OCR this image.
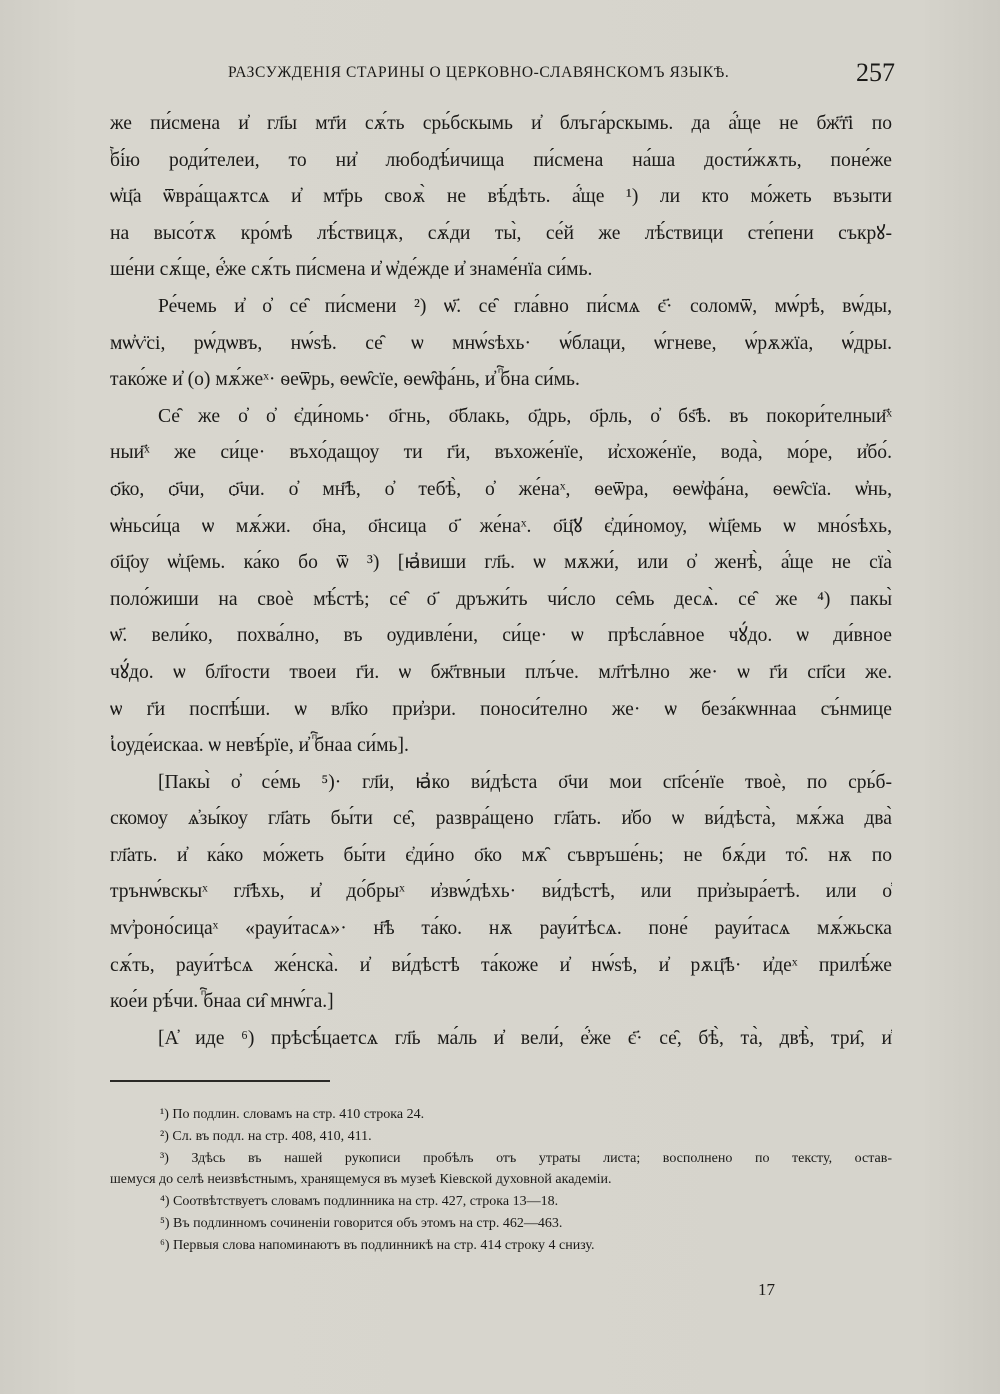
РАЗСУЖДЕНІЯ СТАРИНЫ О ЦЕРКОВНО-СЛАВЯНСКОМЪ ЯЗЫКѢ.	257
же пи́смена и҆ гл҃ы мт҃и сѫ́ть срь́бскымь и҆ блъга́рскымь. да а҆́ще не бж҃т҃і по
ⷫ҇бі́ю роди́телеи, то ни҆ любодѣ́ичища пи́смена на́ша дости́жѫть, поне́же
ѡ҆ц҃а ѿвра́щаѫтсѧ и҆ мт҃рь своѫ̀ не вѣ́дѣть. а҆́ще ¹) ли кто мо́жеть възыти
на высо́тѫ кро́мѣ лѣ́ствицѫ, сѫ́ди ты̀, се́й же лѣ́ствици сте́пени съкрꙋ-
ше́ни сѫ́ще, е҆́же сѫ́ть пи́смена и҆ ѡ҆де́жде и҆ знаме́нїа си́мь.
Ре́чемь и҆ о҆ се̑ пи́смени ²) ѡ҃. се̑ гла́вно пи́смѧ є҃· соломѿ, мѡ́рѣ, вѡ́ды,
мѡ҆ѵ̈сі, рѡ́дѡвъ, нѡ́ѕѣ. се̑ ѡ мнѡ́ѕѣхь· ѡ́блаци, ѡ́гневе, ѡ́рѫжїа, ѡ́дры.
тако́же и҆ (о) мѫ́жеˣ· ѳеѿрь, ѳеѡ̑сїе, ѳеѡ̑фа́нь, и҆ ⷫ҇бна си́мь.
Се̑ же о҆ о҆ є҆ди́номь· о҃гнь, о҃блакь, о҃дрь, о҃рль, о҆ бѕ҃ѣ. въ покори́телныи҃ˣ
ныи҃ˣ же си́це· въхо́дащоу ти г҃и, въхоже́нїе, и҆схоже́нїе, вода̀, мо́ре, и҆бо́.
ѻ҃ко, ѻ҃чи, ѻ҃чи. о҆ мн҃ѣ, о҆ тебѣ̀, о҆ же́наˣ, ѳеѿра, ѳеѡ҆фа́на, ѳеѡ̑сїа. ѡ҆нь,
ѡ҆ньси́ца ѡ мѫ́жи. о҃на, о҃нсица о҃ же́наˣ. о҃ц҃ꙋ є҆ди́номоу, ѡ҆ц҃емь ѡ мно́ѕѣхь,
о҃ц҃оу ѡ҆ц҃емь. ка́ко бо ѿ ³) [ꙗ҆виши гл҃ь. ѡ мѫжи́, или о҆ женѣ̀, а҆́ще не сїа̀
поло́жиши на своѐ мѣ́стѣ; се̑ о҃ дръжи́ть чи́сло се̑мь десѧ̀. се̑ же ⁴) пакы̀
ѡ҃. вели́ко, похва́лно, въ оудивле́ни, си́це· ѡ прѣсла́вное чꙋ́до. ѡ ди́вное
чꙋ́до. ѡ бл҃гости твоеи г҃и. ѡ бж҃твныи плъ́че. мл҃тѣлно же· ѡ г҃и сп҃си же.
ѡ г҃и поспѣ́ши. ѡ вл҃ко при҆зри. поноси́телно же· ѡ беза́кѡннаа съ́нмице
ꙇ҆оуде́искаа. ѡ невѣ́рїе, и҆ ⷫ҇бнаа си́мь].
[Пакы̀ о҆ се́мь ⁵)· гл҃и, ꙗ҆ко ви́дѣста о҃чи мои сп҃се́нїе твоѐ, по срь́б-
скомоу ѧ҆зы́коу гл҃ать бы́ти се̑, развра́щено гл҃ать. и҆бо ѡ ви́дѣста̀, мѫ́жа два̀
гл҃ать. и҆ ка́ко мо́жеть бы́ти є҆ди́но о҃ко мѫ̑ съвръше́нь; не бѫ́ди то̑. нѫ по
трънѡ́вскыˣ гл҃ѣхь, и҆ до́брыˣ и҆звѡ́дѣхь· ви́дѣстѣ, или при҆зыра́етѣ. или о҆
мѵ҆роно́сицаˣ «рауи́тасѧ»· н҃ѣ та́ко. нѫ рауи́тѣсѧ. поне́ рауи́тасѧ мѫ́жьска
сѫ́ть, рауи́тѣсѧ же́нска̀. и҆ ви́дѣстѣ та́коже и҆ нѡ́ѕѣ, и҆ рѫц҃ѣ· и҆деˣ прилѣ́же
кое́и рѣ́чи. ⷫ҇бнаа си̑ мнѡ́га.]
[А҆ иде ⁶) прѣсѣ́цаетсѧ гл҃ь ма́ль и҆ вели́, е҆́же є҃· се̑, бѣ̀, та̀, двѣ̀, три̑, и҆
¹) По подлин. словамъ на стр. 410 строка 24.
²) Сл. въ подл. на стр. 408, 410, 411.
³) Здѣсь въ нашей рукописи пробѣлъ отъ утраты листа; восполнено по тексту, остав-
шемуся до селѣ неизвѣстнымъ, хранящемуся въ музеѣ Кіевской духовной академіи.
⁴) Соотвѣтствуетъ словамъ подлинника на стр. 427, строка 13—18.
⁵) Въ подлинномъ сочиненіи говорится объ этомъ на стр. 462—463.
⁶) Первыя слова напоминаютъ въ подлинникѣ на стр. 414 строку 4 снизу.
17
